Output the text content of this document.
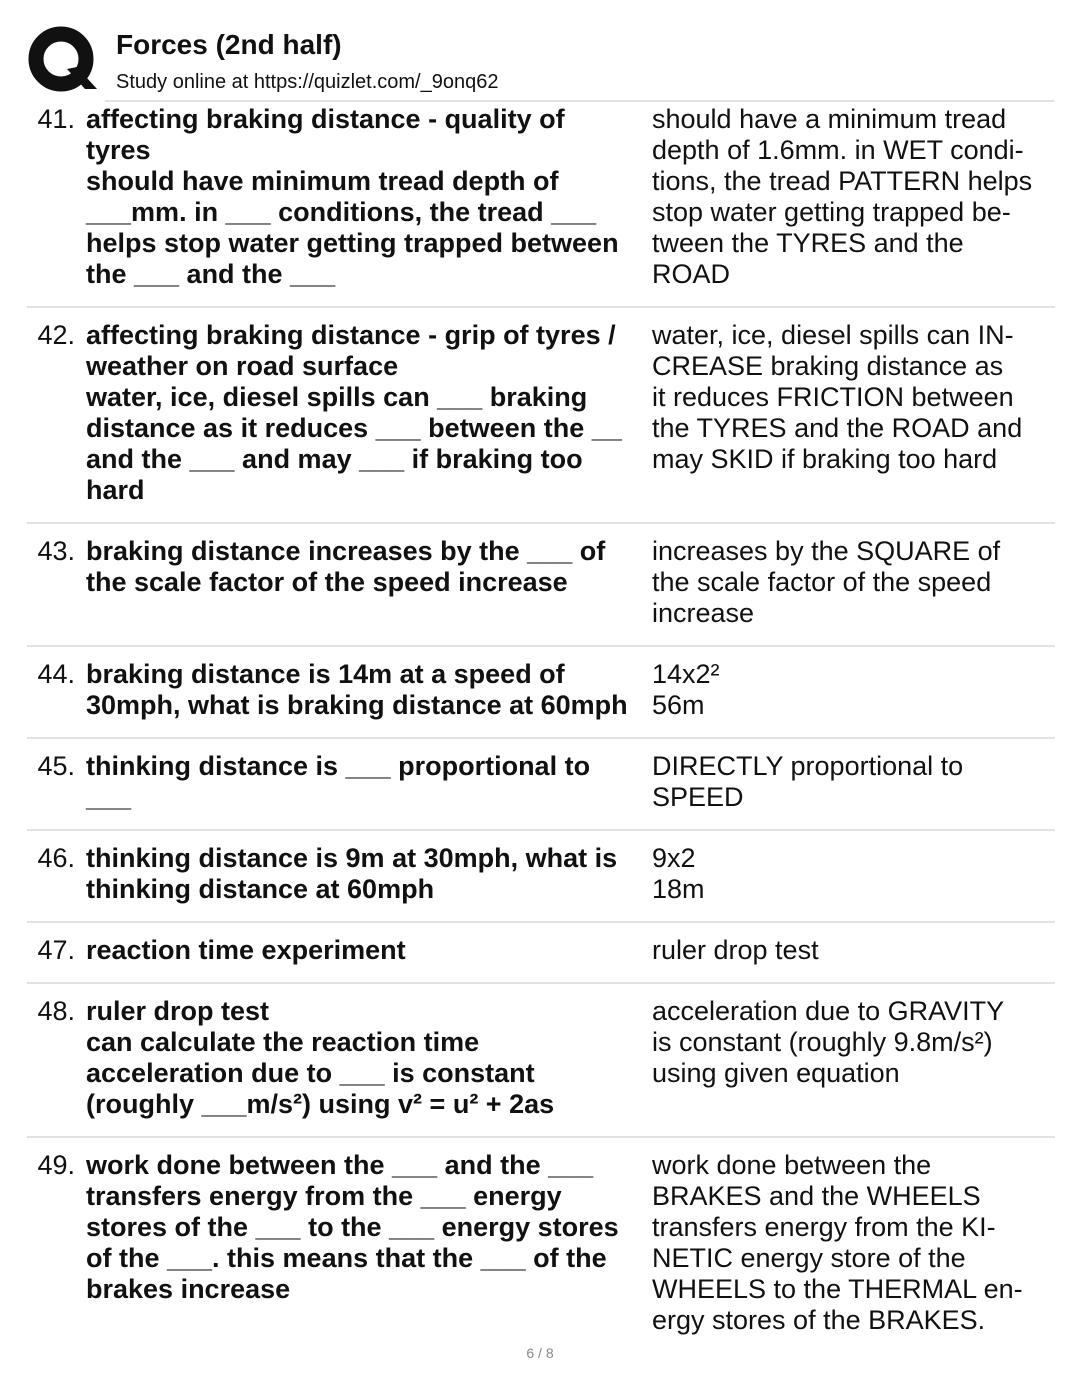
Forces (2nd half)
Study online at https://quizlet.com/_9onq62
41. affecting braking distance - quality of
tyres
should have minimum tread depth of
___mm. in ___ conditions, the tread ___
helps stop water getting trapped between
the ___ and the ___
should have a minimum tread
depth of 1.6mm. in WET condi-
tions, the tread PATTERN helps
stop water getting trapped be-
tween the TYRES and the
ROAD
42. affecting braking distance - grip of tyres /
weather on road surface
water, ice, diesel spills can ___ braking
distance as it reduces ___ between the __
and the ___ and may ___ if braking too
hard
water, ice, diesel spills can IN-
CREASE braking distance as
it reduces FRICTION between
the TYRES and the ROAD and
may SKID if braking too hard
43. braking distance increases by the ___ of
the scale factor of the speed increase
increases by the SQUARE of
the scale factor of the speed
increase
44. braking distance is 14m at a speed of
30mph, what is braking distance at 60mph
14x2²
56m
45. thinking distance is ___ proportional to
___
DIRECTLY proportional to
SPEED
46. thinking distance is 9m at 30mph, what is
thinking distance at 60mph
9x2
18m
47. reaction time experiment	ruler drop test
48. ruler drop test
can calculate the reaction time
acceleration due to ___ is constant
(roughly ___m/s²) using v² = u² + 2as
acceleration due to GRAVITY
is constant (roughly 9.8m/s²)
using given equation
49. work done between the ___ and the ___
transfers energy from the ___ energy
stores of the ___ to the ___ energy stores
of the ___. this means that the ___ of the
brakes increase
work done between the
BRAKES and the WHEELS
transfers energy from the KI-
NETIC energy store of the
WHEELS to the THERMAL en-
ergy stores of the BRAKES.
6 / 8
